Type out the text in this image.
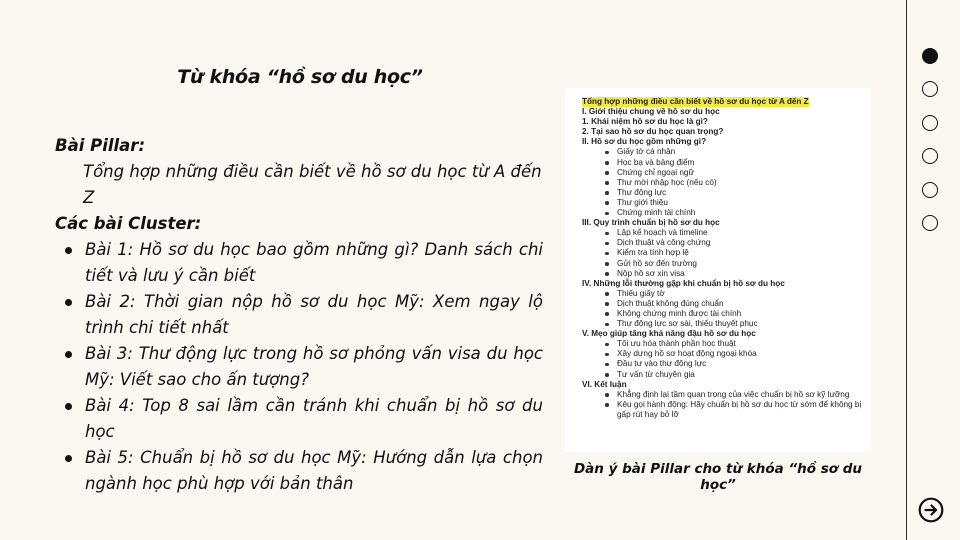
Từ khóa “hồ sơ du học”
Bài Pillar:
Tổng hợp những điều cần biết về hồ sơ du học từ A đến Z
Các bài Cluster:
Bài 1: Hồ sơ du học bao gồm những gì? Danh sách chi tiết và lưu ý cần biết
Bài 2: Thời gian nộp hồ sơ du học Mỹ: Xem ngay lộ trình chi tiết nhất
Bài 3: Thư động lực trong hồ sơ phỏng vấn visa du học Mỹ: Viết sao cho ấn tượng?
Bài 4: Top 8 sai lầm cần tránh khi chuẩn bị hồ sơ du học
Bài 5: Chuẩn bị hồ sơ du học Mỹ: Hướng dẫn lựa chọn ngành học phù hợp với bản thân
Tổng hợp những điều cần biết về hồ sơ du học từ A đến Z
I. Giới thiệu chung về hồ sơ du học
1. Khái niệm hồ sơ du học là gì?
2. Tại sao hồ sơ du học quan trọng?
II. Hồ sơ du học gồm những gì?
Giấy tờ cá nhân
Học bạ và bảng điểm
Chứng chỉ ngoại ngữ
Thư mời nhập học (nếu có)
Thư động lực
Thư giới thiệu
Chứng minh tài chính
III. Quy trình chuẩn bị hồ sơ du học
Lập kế hoạch và timeline
Dịch thuật và công chứng
Kiểm tra tính hợp lệ
Gửi hồ sơ đến trường
Nộp hồ sơ xin visa
IV. Những lỗi thường gặp khi chuẩn bị hồ sơ du học
Thiếu giấy tờ
Dịch thuật không đúng chuẩn
Không chứng minh được tài chính
Thư động lực sơ sài, thiếu thuyết phục
V. Mẹo giúp tăng khả năng đậu hồ sơ du học
Tối ưu hóa thành phần học thuật
Xây dựng hồ sơ hoạt động ngoại khóa
Đầu tư vào thư động lực
Tư vấn từ chuyên gia
VI. Kết luận
Khẳng định lại tầm quan trọng của việc chuẩn bị hồ sơ kỹ lưỡng
Kêu gọi hành động: Hãy chuẩn bị hồ sơ du học từ sớm để không bị gấp rút hay bỏ lỡ
Dàn ý bài Pillar cho từ khóa “hồ sơ du học”
